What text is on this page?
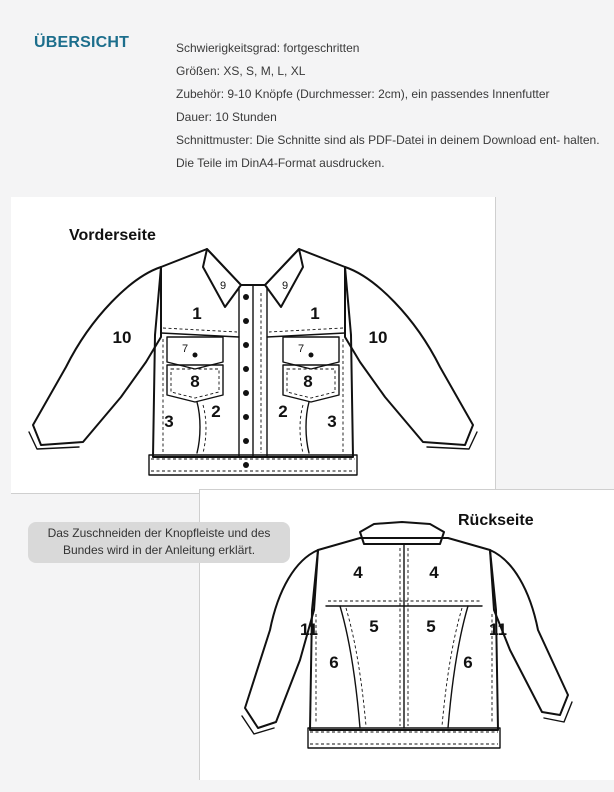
ÜBERSICHT	Schwierigkeitsgrad: fortgeschritten
Größen: XS, S, M, L, XL
Zubehör: 9-10 Knöpfe (Durchmesser: 2cm), ein passendes Innenfutter
Dauer: 10 Stunden
Schnittmuster: Die Schnitte sind als PDF-Datei in deinem Download ent- halten. Die Teile im DinA4-Format ausdrucken.
Vorderseite
9	9
1	1
10	10
7	7
8	8
2	2
3	3
Rückseite
4	4
5	5
6	6
11	11
Das Zuschneiden der Knopfleiste und des Bundes wird in der Anleitung erklärt.
